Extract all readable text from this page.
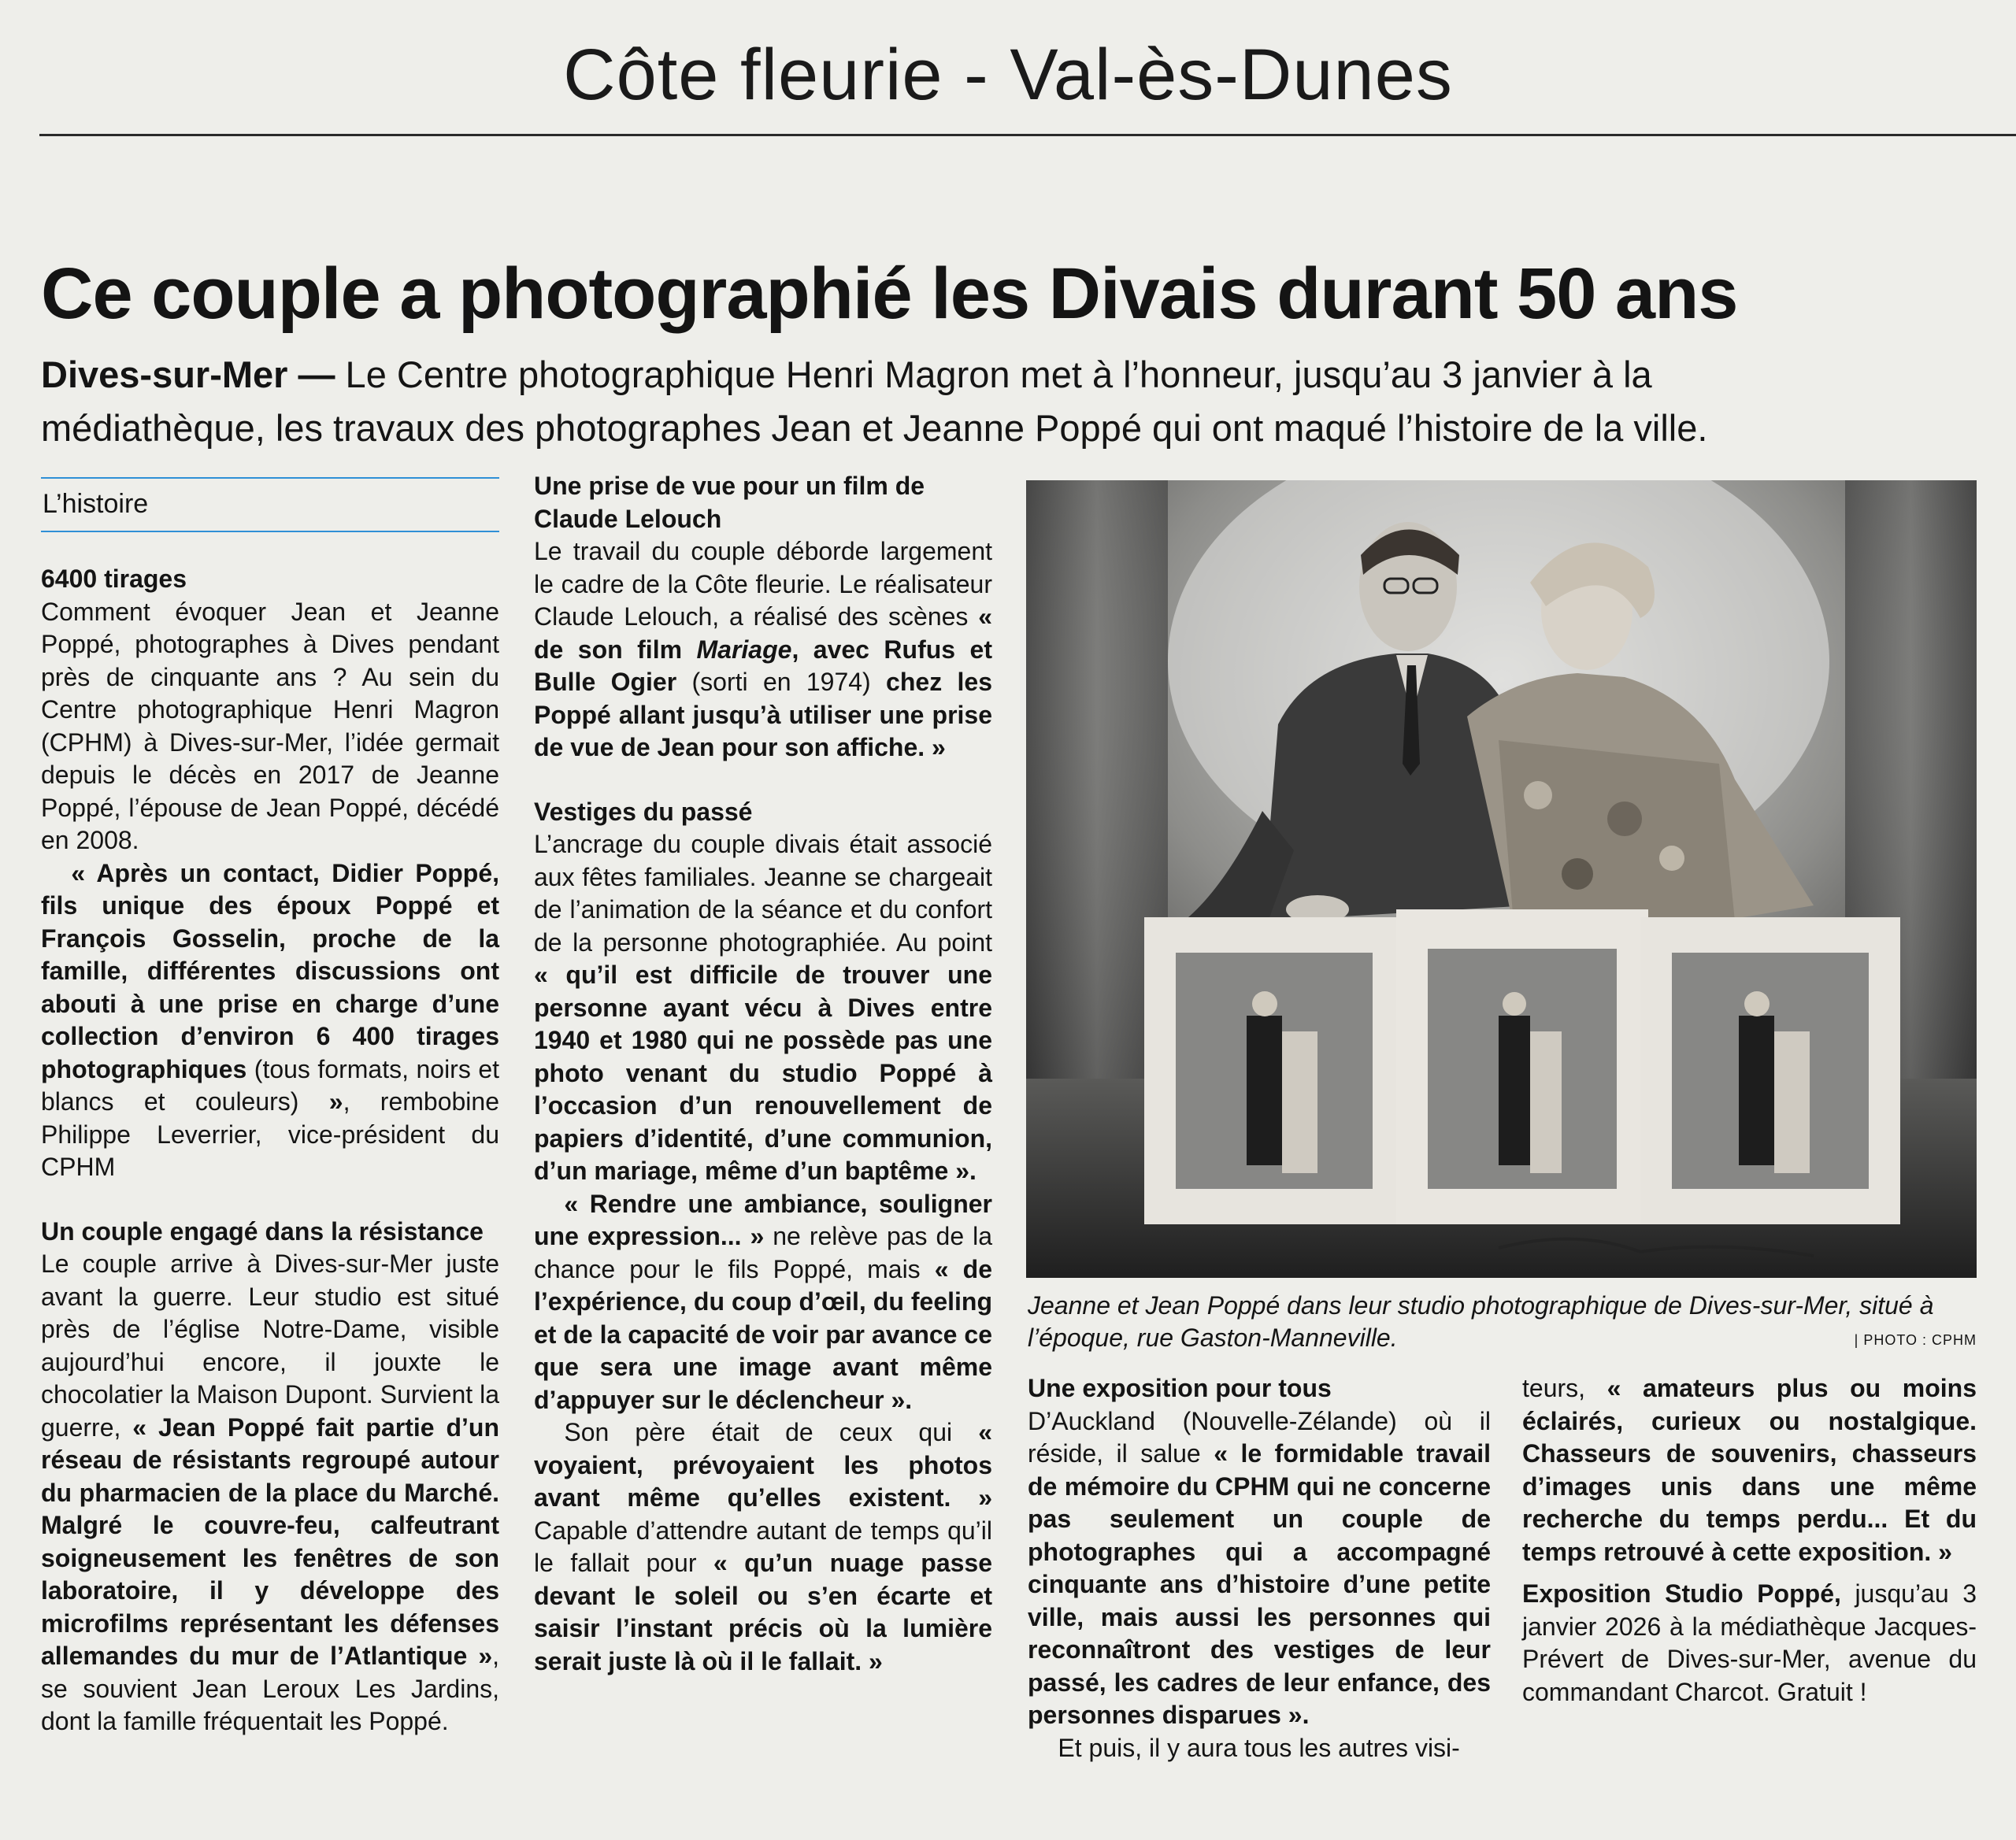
Côte fleurie - Val-ès-Dunes
Ce couple a photographié les Divais durant 50 ans
Dives-sur-Mer — Le Centre photographique Henri Magron met à l’honneur, jusqu’au 3 janvier à la médiathèque, les travaux des photographes Jean et Jeanne Poppé qui ont maqué l’histoire de la ville.
L’histoire
6400 tirages

Comment évoquer Jean et Jeanne Poppé, photographes à Dives pendant près de cinquante ans ? Au sein du Centre photographique Henri Magron (CPHM) à Dives-sur-Mer, l’idée germait depuis le décès en 2017 de Jeanne Poppé, l’épouse de Jean Poppé, décédé en 2008.

« Après un contact, Didier Poppé, fils unique des époux Poppé et François Gosselin, proche de la famille, différentes discussions ont abouti à une prise en charge d’une collection d’environ 6 400 tirages photographiques (tous formats, noirs et blancs et couleurs) », rembobine Philippe Leverrier, vice-président du CPHM

Un couple engagé dans la résistance

Le couple arrive à Dives-sur-Mer juste avant la guerre. Leur studio est situé près de l’église Notre-Dame, visible aujourd’hui encore, il jouxte le chocolatier la Maison Dupont. Survient la guerre, « Jean Poppé fait partie d’un réseau de résistants regroupé autour du pharmacien de la place du Marché. Malgré le couvre-feu, calfeutrant soigneusement les fenêtres de son laboratoire, il y développe des microfilms représentant les défenses allemandes du mur de l’Atlantique », se souvient Jean Leroux Les Jardins, dont la famille fréquentait les Poppé.

Une prise de vue pour un film de Claude Lelouch

Le travail du couple déborde largement le cadre de la Côte fleurie. Le réalisateur Claude Lelouch, a réalisé des scènes « de son film Mariage, avec Rufus et Bulle Ogier (sorti en 1974) chez les Poppé allant jusqu’à utiliser une prise de vue de Jean pour son affiche. »

Vestiges du passé

L’ancrage du couple divais était associé aux fêtes familiales. Jeanne se chargeait de l’animation de la séance et du confort de la personne photographiée. Au point « qu’il est difficile de trouver une personne ayant vécu à Dives entre 1940 et 1980 qui ne possède pas une photo venant du studio Poppé à l’occasion d’un renouvellement de papiers d’identité, d’une communion, d’un mariage, même d’un baptême ».

« Rendre une ambiance, souligner une expression... » ne relève pas de la chance pour le fils Poppé, mais « de l’expérience, du coup d’œil, du feeling et de la capacité de voir par avance ce que sera une image avant même d’appuyer sur le déclencheur ».

Son père était de ceux qui « voyaient, prévoyaient les photos avant même qu’elles existent. » Capable d’attendre autant de temps qu’il le fallait pour « qu’un nuage passe devant le soleil ou s’en écarte et saisir l’instant précis où la lumière serait juste là où il le fallait. »

Jeanne et Jean Poppé dans leur studio photographique de Dives-sur-Mer, situé à l’époque, rue Gaston-Manneville.	| PHOTO : CPHM
Une exposition pour tous

D’Auckland (Nouvelle-Zélande) où il réside, il salue « le formidable travail de mémoire du CPHM qui ne concerne pas seulement un couple de photographes qui a accompagné cinquante ans d’histoire d’une petite ville, mais aussi les personnes qui reconnaîtront des vestiges de leur passé, les cadres de leur enfance, des personnes disparues ».

Et puis, il y aura tous les autres visi-

teurs, « amateurs plus ou moins éclairés, curieux ou nostalgique. Chasseurs de souvenirs, chasseurs d’images unis dans une même recherche du temps perdu... Et du temps retrouvé à cette exposition. »

Exposition Studio Poppé, jusqu’au 3 janvier 2026 à la médiathèque Jacques-Prévert de Dives-sur-Mer, avenue du commandant Charcot. Gratuit !
